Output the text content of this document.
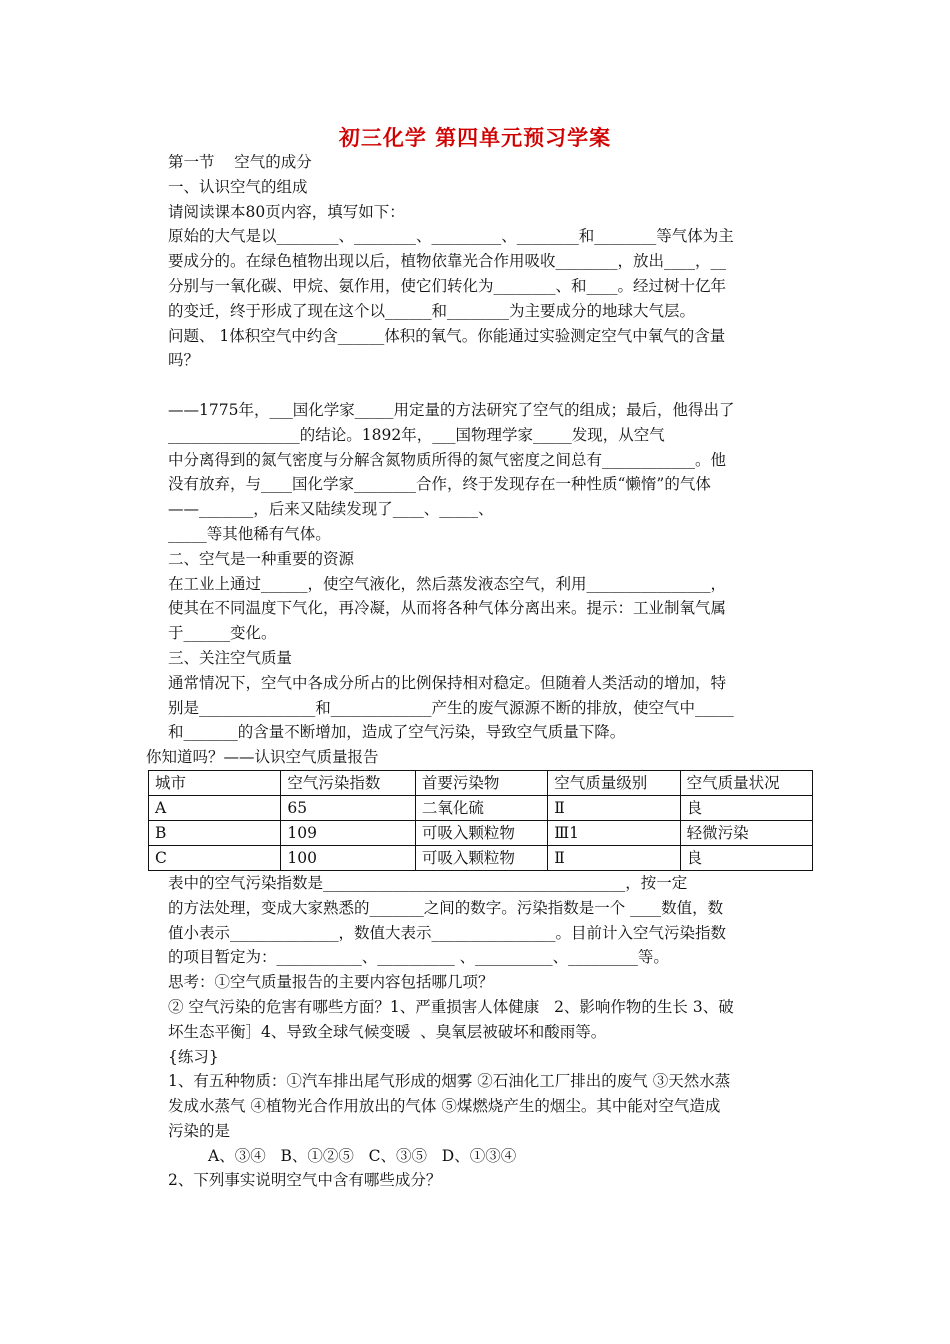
初三化学 第四单元预习学案
第一节    空气的成分
一、认识空气的组成
请阅读课本80页内容，填写如下：
原始的大气是以________、________、_________、________和________等气体为主
要成分的。在绿色植物出现以后，植物依靠光合作用吸收________，放出____，__
分别与一氧化碳、甲烷、氨作用，使它们转化为________、和____。经过树十亿年
的变迁，终于形成了现在这个以______和________为主要成分的地球大气层。
问题、 1体积空气中约含______体积的氧气。你能通过实验测定空气中氧气的含量
吗？
——1775年，___国化学家_____用定量的方法研究了空气的组成；最后，他得出了
_________________的结论。1892年，___国物理学家_____发现，从空气
中分离得到的氮气密度与分解含氮物质所得的氮气密度之间总有____________。他
没有放弃，与____国化学家________合作，终于发现存在一种性质“懒惰”的气体
——_______，后来又陆续发现了____、_____、
_____等其他稀有气体。
二、空气是一种重要的资源
在工业上通过______，使空气液化，然后蒸发液态空气，利用________________，
使其在不同温度下气化，再冷凝，从而将各种气体分离出来。提示：工业制氧气属
于______变化。
三、关注空气质量
通常情况下，空气中各成分所占的比例保持相对稳定。但随着人类活动的增加，特
别是_______________和_____________产生的废气源源不断的排放，使空气中_____
和_______的含量不断增加，造成了空气污染，导致空气质量下降。
你知道吗？——认识空气质量报告
城市	空气污染指数	首要污染物	空气质量级别	空气质量状况
A	65	二氧化硫	Ⅱ	良
B	109	可吸入颗粒物	Ⅲ1	轻微污染
C	100	可吸入颗粒物	Ⅱ	良
表中的空气污染指数是_______________________________________，按一定
的方法处理，变成大家熟悉的_______之间的数字。污染指数是一个 ____数值，数
值小表示______________，数值大表示________________。目前计入空气污染指数
的项目暂定为：___________、__________ 、__________、_________等。
思考：①空气质量报告的主要内容包括哪几项？
② 空气污染的危害有哪些方面？1、严重损害人体健康   2、影响作物的生长 3、破
坏生态平衡］4、导致全球气候变暖  、臭氧层被破坏和酸雨等。
{练习}
1、有五种物质：①汽车排出尾气形成的烟雾 ②石油化工厂排出的废气 ③天然水蒸
发成水蒸气 ④植物光合作用放出的气体 ⑤煤燃烧产生的烟尘。其中能对空气造成
污染的是
A、③④   B、①②⑤   C、③⑤   D、①③④
2、下列事实说明空气中含有哪些成分？
